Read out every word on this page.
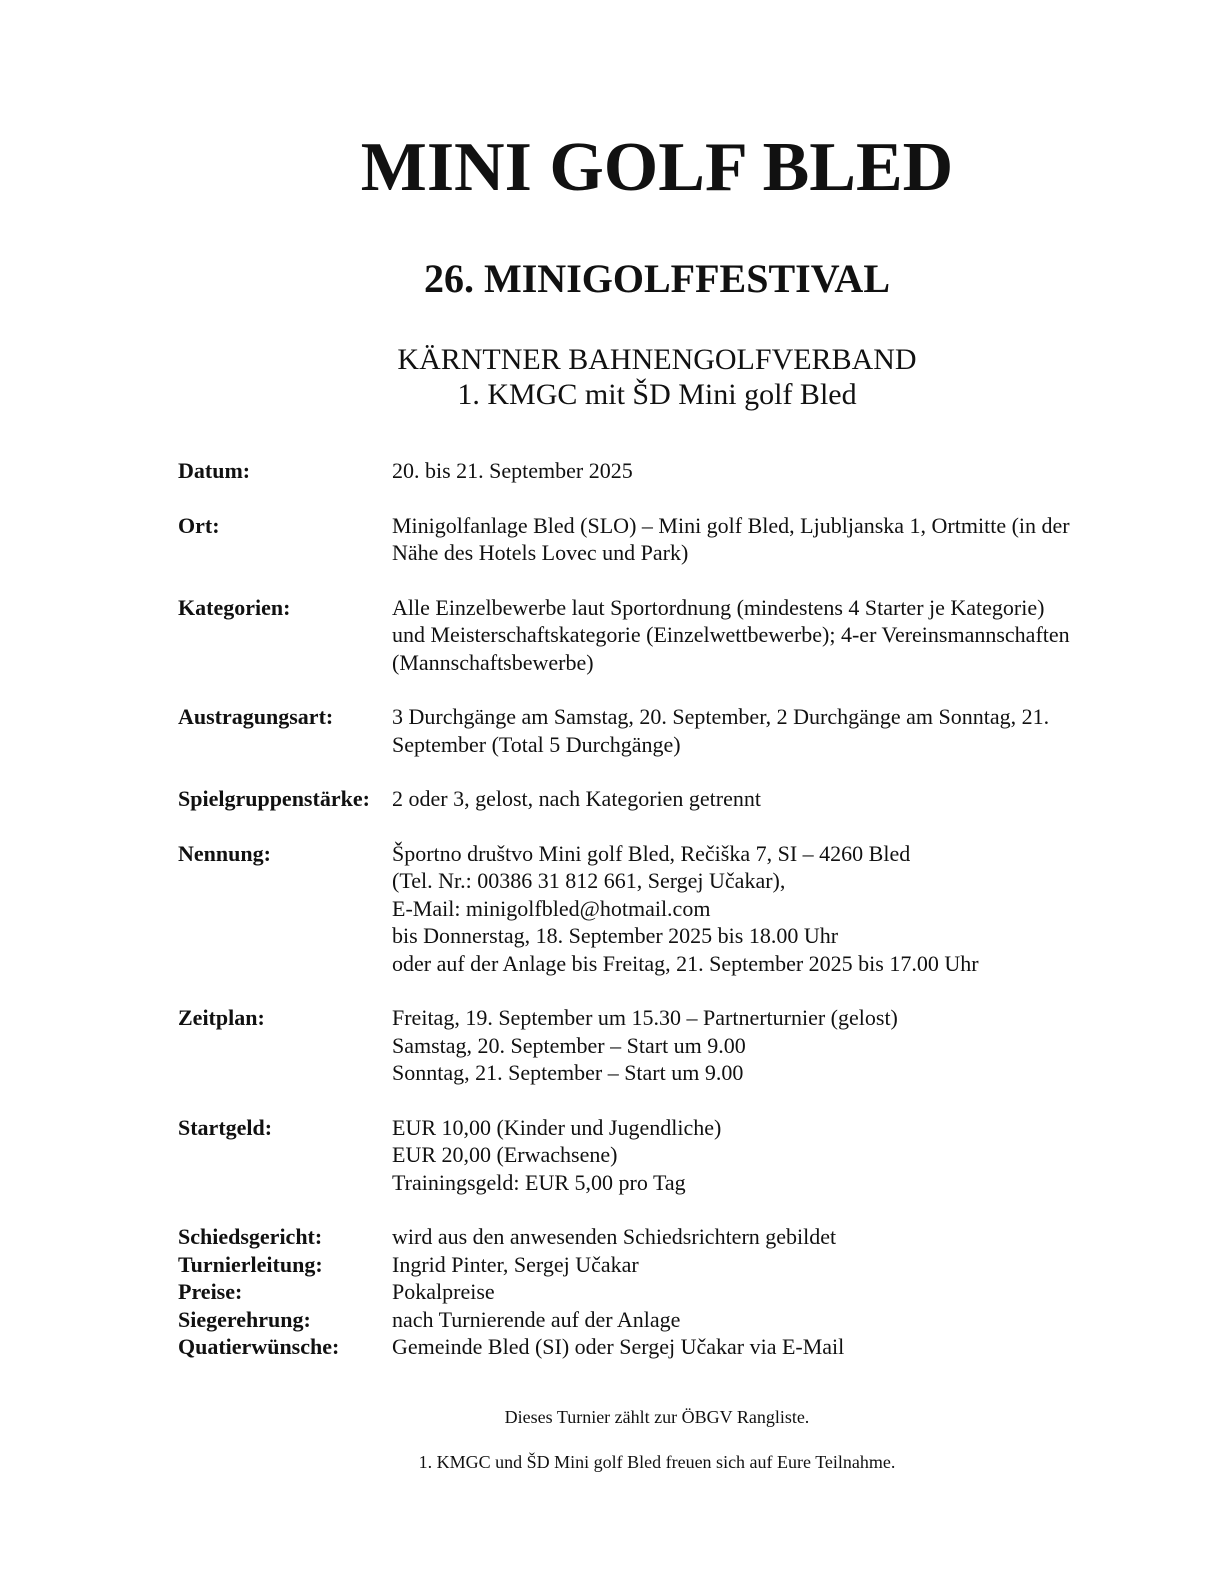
MINI GOLF BLED
26. MINIGOLFFESTIVAL
KÄRNTNER BAHNENGOLFVERBAND
1. KMGC mit ŠD Mini golf Bled
Datum:	20. bis 21. September 2025
Ort:	Minigolfanlage Bled (SLO) – Mini golf Bled, Ljubljanska 1, Ortmitte (in der
Nähe des Hotels Lovec und Park)
Kategorien:	Alle Einzelbewerbe laut Sportordnung (mindestens 4 Starter je Kategorie)
und Meisterschaftskategorie (Einzelwettbewerbe); 4-er Vereinsmannschaften
(Mannschaftsbewerbe)
Austragungsart:	3 Durchgänge am Samstag, 20. September, 2 Durchgänge am Sonntag, 21.
September (Total 5 Durchgänge)
Spielgruppenstärke:	2 oder 3, gelost, nach Kategorien getrennt
Nennung:	Športno društvo Mini golf Bled, Rečiška 7, SI – 4260 Bled
(Tel. Nr.: 00386 31 812 661, Sergej Učakar),
E-Mail: minigolfbled@hotmail.com
bis Donnerstag, 18. September 2025 bis 18.00 Uhr
oder auf der Anlage bis Freitag, 21. September 2025 bis 17.00 Uhr
Zeitplan:	Freitag, 19. September um 15.30 – Partnerturnier (gelost)
Samstag, 20. September – Start um 9.00
Sonntag, 21. September – Start um 9.00
Startgeld:	EUR 10,00 (Kinder und Jugendliche)
EUR 20,00 (Erwachsene)
Trainingsgeld: EUR 5,00 pro Tag
Schiedsgericht:	wird aus den anwesenden Schiedsrichtern gebildet
Turnierleitung:	Ingrid Pinter, Sergej Učakar
Preise:	Pokalpreise
Siegerehrung:	nach Turnierende auf der Anlage
Quatierwünsche:	Gemeinde Bled (SI) oder Sergej Učakar via E-Mail
Dieses Turnier zählt zur ÖBGV Rangliste.
1. KMGC und ŠD Mini golf Bled freuen sich auf Eure Teilnahme.
